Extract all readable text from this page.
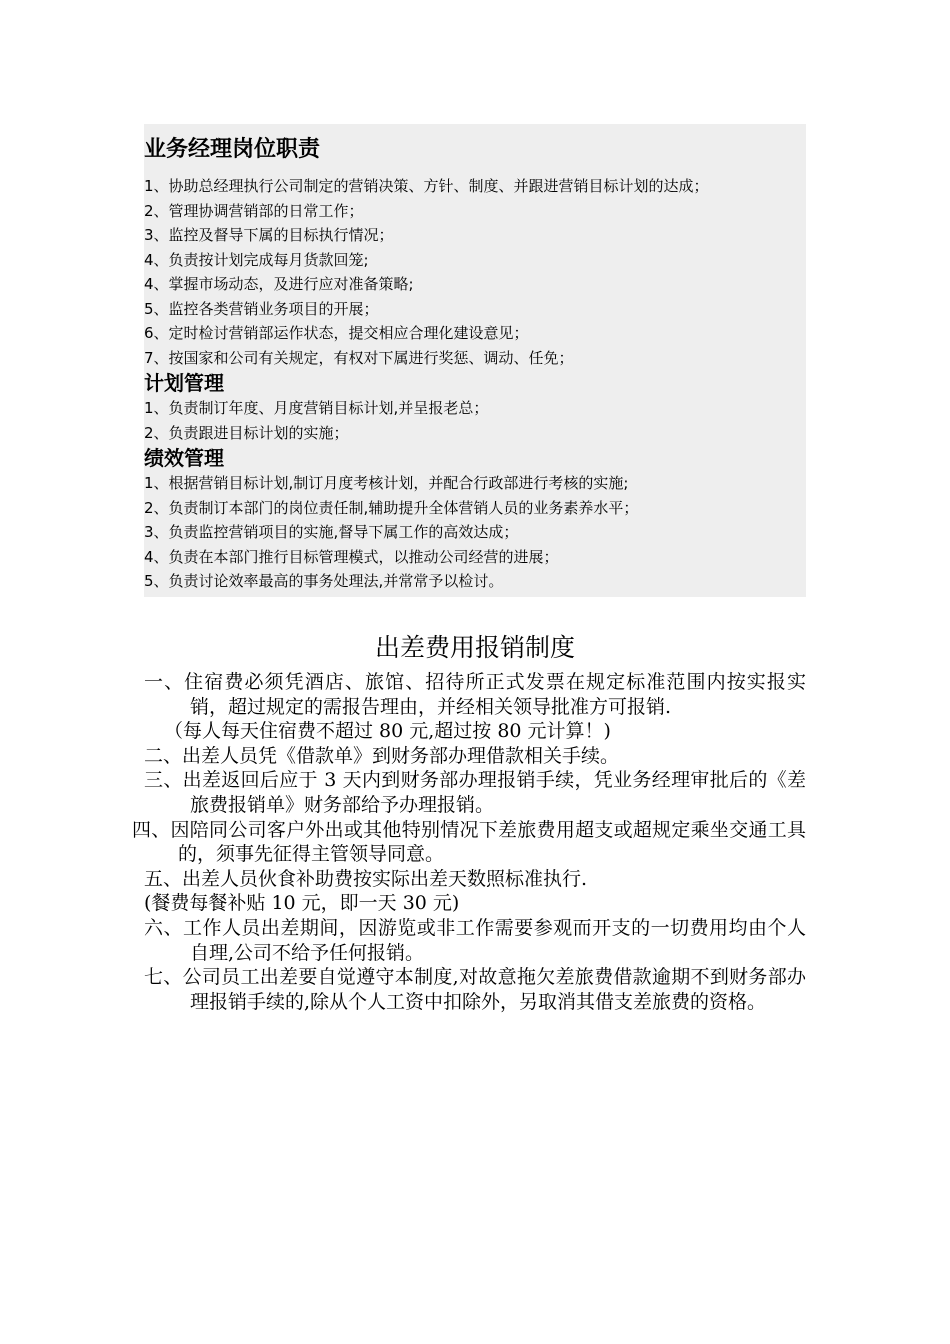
业务经理岗位职责

1、协助总经理执行公司制定的营销决策、方针、制度、并跟进营销目标计划的达成；

2、管理协调营销部的日常工作；

3、监控及督导下属的目标执行情况；

4、负责按计划完成每月货款回笼;

4、掌握市场动态，及进行应对准备策略;

5、监控各类营销业务项目的开展；

6、定时检讨营销部运作状态，提交相应合理化建设意见；

7、按国家和公司有关规定，有权对下属进行奖惩、调动、任免；

计划管理

1、负责制订年度、月度营销目标计划,并呈报老总；

2、负责跟进目标计划的实施；

绩效管理

1、根据营销目标计划,制订月度考核计划，并配合行政部进行考核的实施;

2、负责制订本部门的岗位责任制,辅助提升全体营销人员的业务素养水平；

3、负责监控营销项目的实施,督导下属工作的高效达成；

4、负责在本部门推行目标管理模式，以推动公司经营的进展；

5、负责讨论效率最高的事务处理法,并常常予以检讨。

出差费用报销制度

一、住宿费必须凭酒店、旅馆、招待所正式发票在规定标准范围内按实报实销，超过规定的需报告理由，并经相关领导批准方可报销.

（每人每天住宿费不超过 80 元,超过按 80 元计算！)

二、出差人员凭《借款单》到财务部办理借款相关手续。

三、出差返回后应于 3 天内到财务部办理报销手续，凭业务经理审批后的《差旅费报销单》财务部给予办理报销。

四、因陪同公司客户外出或其他特别情况下差旅费用超支或超规定乘坐交通工具的，须事先征得主管领导同意。

五、出差人员伙食补助费按实际出差天数照标准执行.

(餐费每餐补贴 10 元，即一天 30 元)

六、工作人员出差期间，因游览或非工作需要参观而开支的一切费用均由个人自理,公司不给予任何报销。

七、公司员工出差要自觉遵守本制度,对故意拖欠差旅费借款逾期不到财务部办理报销手续的,除从个人工资中扣除外，另取消其借支差旅费的资格。
